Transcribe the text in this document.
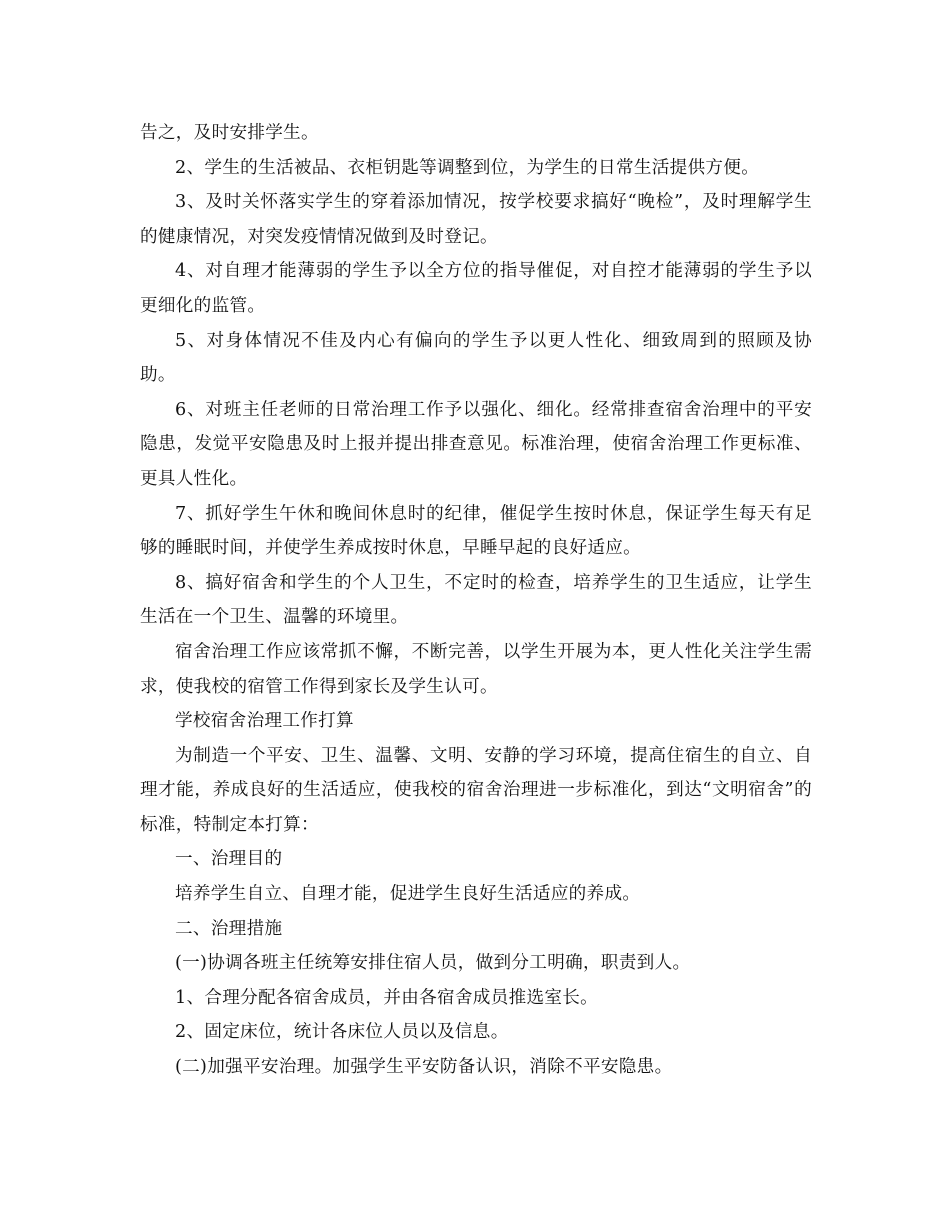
告之，及时安排学生。

2、学生的生活被品、衣柜钥匙等调整到位，为学生的日常生活提供方便。

3、及时关怀落实学生的穿着添加情况，按学校要求搞好“晚检”，及时理解学生的健康情况，对突发疫情情况做到及时登记。

4、对自理才能薄弱的学生予以全方位的指导催促，对自控才能薄弱的学生予以更细化的监管。

5、对身体情况不佳及内心有偏向的学生予以更人性化、细致周到的照顾及协助。

6、对班主任老师的日常治理工作予以强化、细化。经常排查宿舍治理中的平安隐患，发觉平安隐患及时上报并提出排查意见。标准治理，使宿舍治理工作更标准、更具人性化。

7、抓好学生午休和晚间休息时的纪律，催促学生按时休息，保证学生每天有足够的睡眠时间，并使学生养成按时休息，早睡早起的良好适应。

8、搞好宿舍和学生的个人卫生，不定时的检查，培养学生的卫生适应，让学生生活在一个卫生、温馨的环境里。

宿舍治理工作应该常抓不懈，不断完善，以学生开展为本，更人性化关注学生需求，使我校的宿管工作得到家长及学生认可。

学校宿舍治理工作打算

为制造一个平安、卫生、温馨、文明、安静的学习环境，提高住宿生的自立、自理才能，养成良好的生活适应，使我校的宿舍治理进一步标准化，到达“文明宿舍”的标准，特制定本打算：

一、治理目的

培养学生自立、自理才能，促进学生良好生活适应的养成。

二、治理措施

(一)协调各班主任统筹安排住宿人员，做到分工明确，职责到人。

1、合理分配各宿舍成员，并由各宿舍成员推选室长。

2、固定床位，统计各床位人员以及信息。

(二)加强平安治理。加强学生平安防备认识，消除不平安隐患。
